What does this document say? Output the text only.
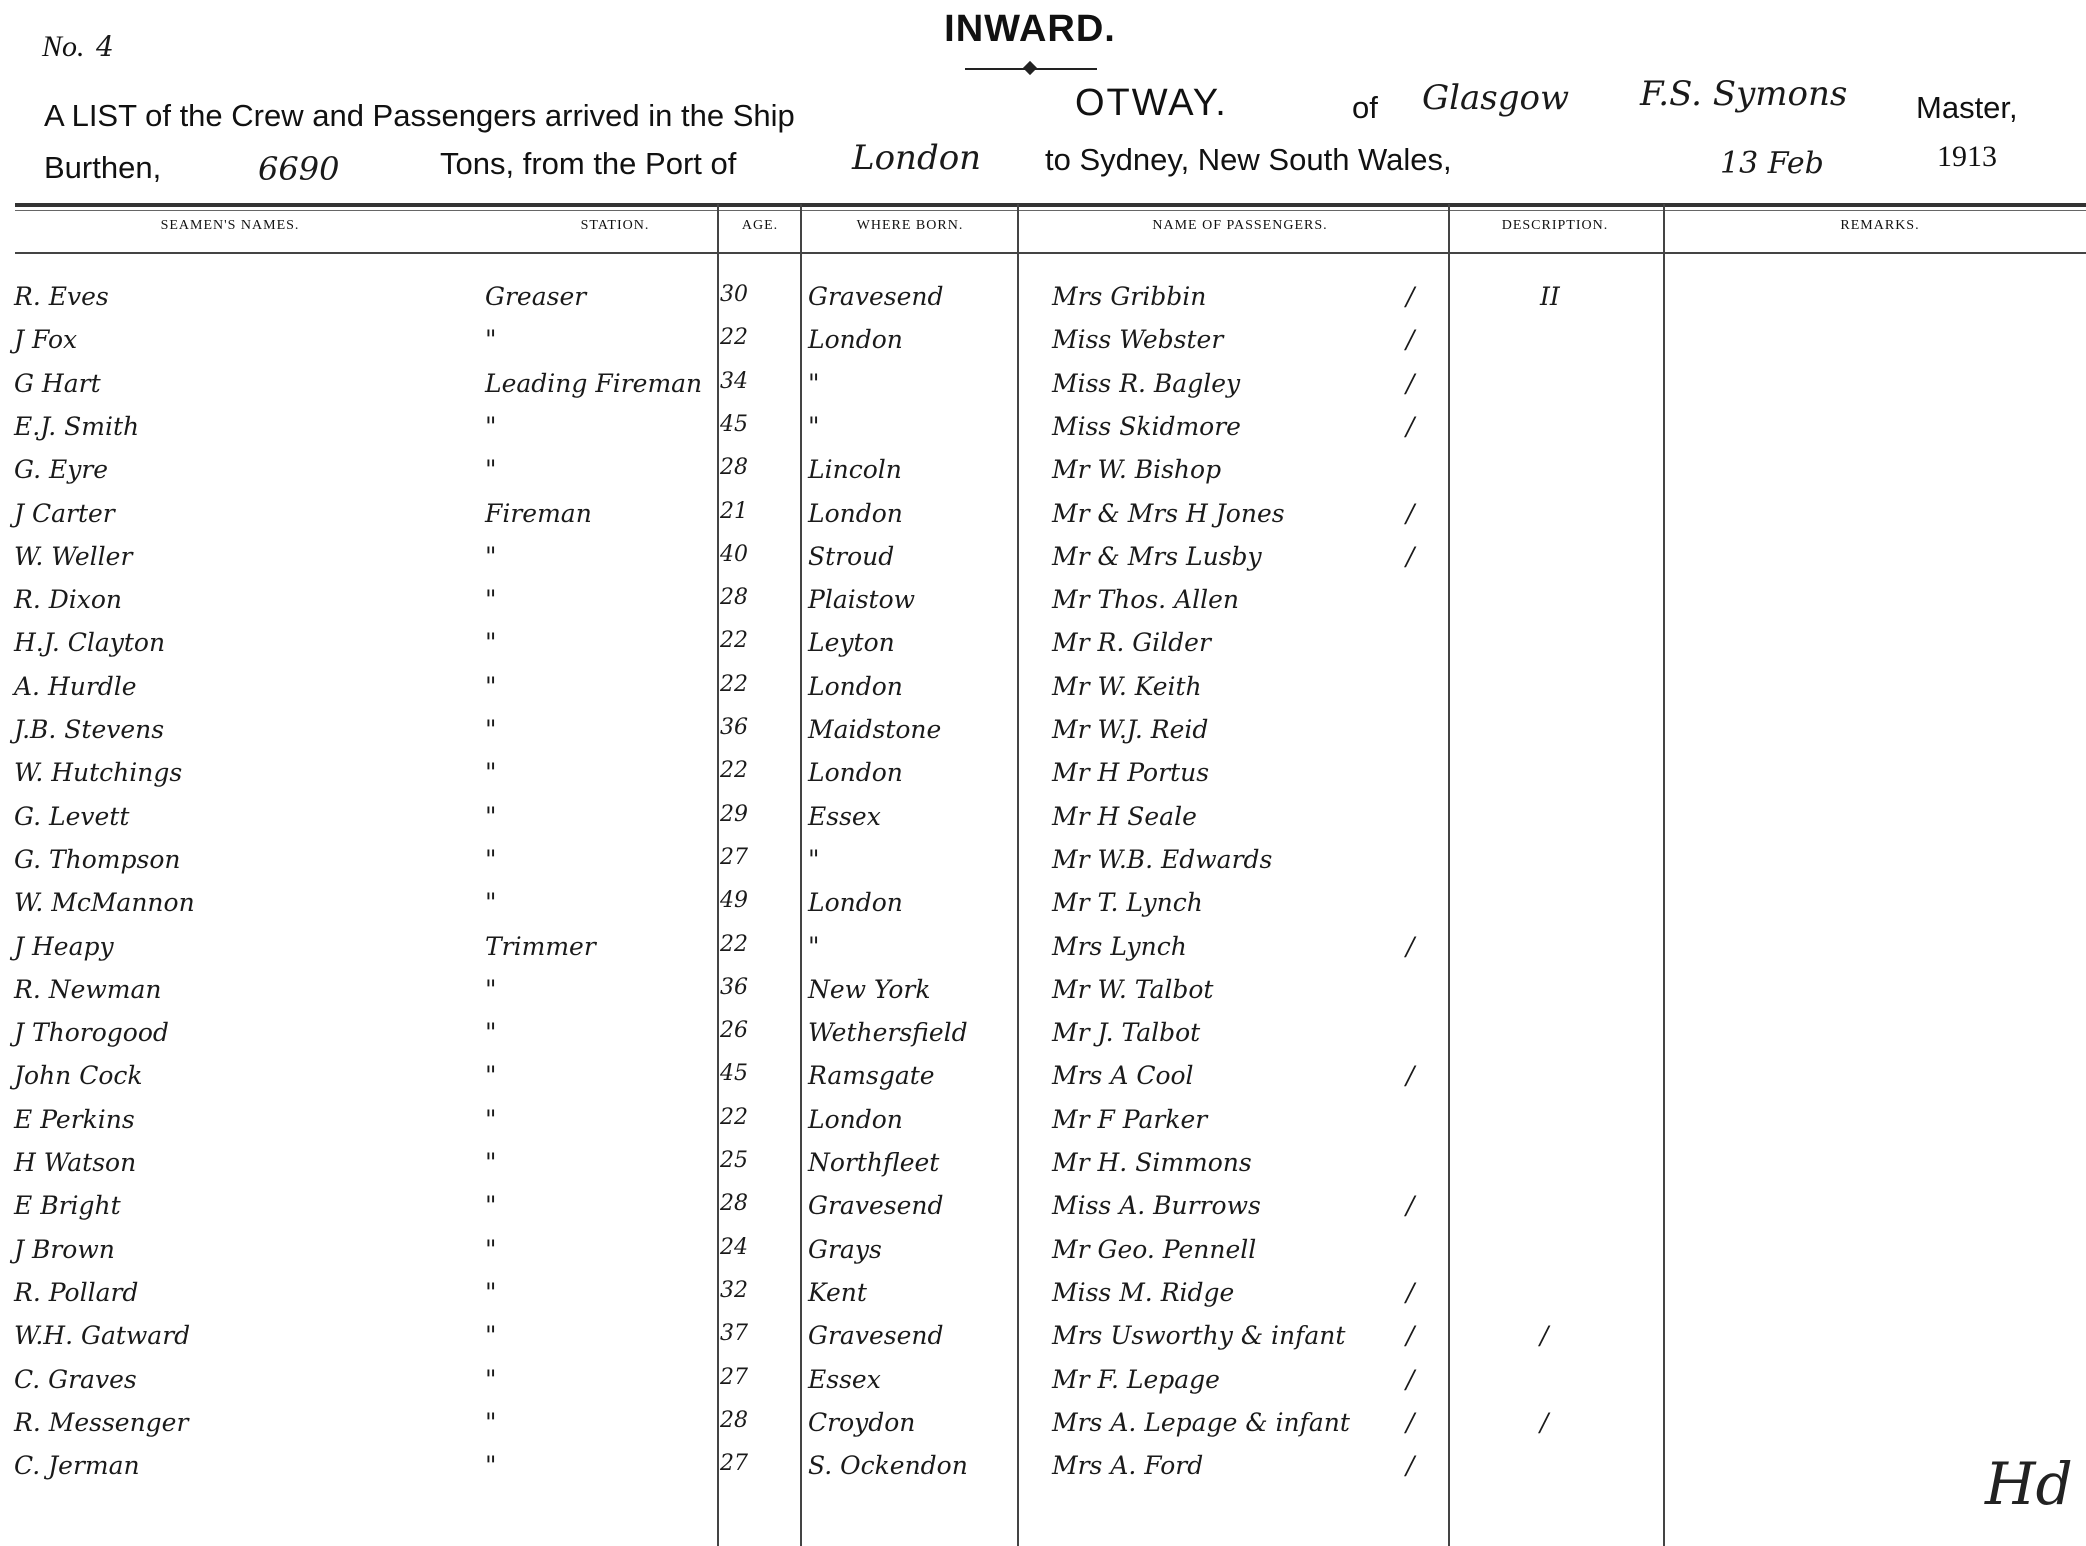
No. 4	INWARD.
A LIST of the Crew and Passengers arrived in the Ship	OTWAY.	of Glasgow F.S. Symons Master,
Burthen,	6690	Tons, from the Port of	London to Sydney, New South Wales,	13 Feb	1913
SEAMEN'S NAMES.	STATION.	AGE.	WHERE BORN.	NAME OF PASSENGERS.	DESCRIPTION.	REMARKS.
R. Eves	Greaser	30 Gravesend	Mrs Gribbin	/	II
J Fox	"	22 London	Miss Webster	/
G Hart	Leading Fireman 34 "	Miss R. Bagley	/
E.J. Smith	"	45 "	Miss Skidmore	/
G. Eyre	"	28 Lincoln	Mr W. Bishop
J Carter	Fireman	21 London	Mr & Mrs H Jones	/
W. Weller	"	40 Stroud	Mr & Mrs Lusby	/
R. Dixon	"	28 Plaistow	Mr Thos. Allen
H.J. Clayton	"	22 Leyton	Mr R. Gilder
A. Hurdle	"	22 London	Mr W. Keith
J.B. Stevens	"	36 Maidstone	Mr W.J. Reid
W. Hutchings	"	22 London	Mr H Portus
G. Levett	"	29 Essex	Mr H Seale
G. Thompson	"	27 "	Mr W.B. Edwards
W. McMannon	"	49 London	Mr T. Lynch
J Heapy	Trimmer	22 "	Mrs Lynch	/
R. Newman	"	36 New York	Mr W. Talbot
J Thorogood	"	26 Wethersfield	Mr J. Talbot
John Cock	"	45 Ramsgate	Mrs A Cool	/
E Perkins	"	22 London	Mr F Parker
H Watson	"	25 Northfleet	Mr H. Simmons
E Bright	"	28 Gravesend	Miss A. Burrows	/
J Brown	"	24 Grays	Mr Geo. Pennell
R. Pollard	"	32 Kent	Miss M. Ridge	/
W.H. Gatward	"	37 Gravesend	Mrs Usworthy & infant /	/
C. Graves	"	27 Essex	Mr F. Lepage	/
R. Messenger	"	28 Croydon	Mrs A. Lepage & infant /	/
C. Jerman	"	27 S. Ockendon	Mrs A. Ford	/	Hd
